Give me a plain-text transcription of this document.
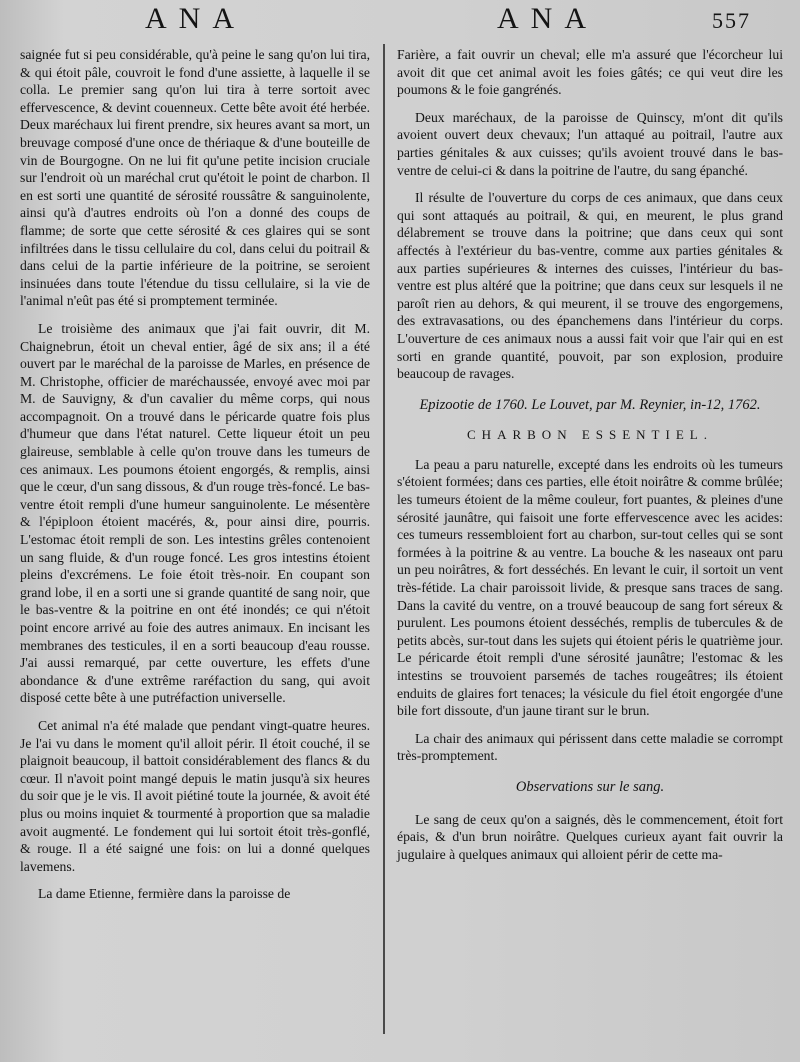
ANA	ANA	557

saignée fut si peu considérable, qu'à peine le sang qu'on lui tira, & qui étoit pâle, couvroit le fond d'une assiette, à laquelle il se colla. Le premier sang qu'on lui tira à terre sortoit avec effervescence, & devint couenneux. Cette bête avoit été herbée. Deux maréchaux lui firent prendre, six heures avant sa mort, un breuvage composé d'une once de thériaque & d'une bouteille de vin de Bourgogne. On ne lui fit qu'une petite incision cruciale sur l'endroit où un maréchal crut qu'étoit le point de charbon. Il en est sorti une quantité de sérosité roussâtre & sanguinolente, ainsi qu'à d'autres endroits où l'on a donné des coups de flamme; de sorte que cette sérosité & ces glaires qui se sont infiltrées dans le tissu cellulaire du col, dans celui du poitrail & dans celui de la partie inférieure de la poitrine, se seroient insinuées dans toute l'étendue du tissu cellulaire, si la vie de l'animal n'eût pas été si promptement terminée.

Le troisième des animaux que j'ai fait ouvrir, dit M. Chaignebrun, étoit un cheval entier, âgé de six ans; il a été ouvert par le maréchal de la paroisse de Marles, en présence de M. Christophe, officier de maréchaussée, envoyé avec moi par M. de Sauvigny, & d'un cavalier du même corps, qui nous accompagnoit. On a trouvé dans le péricarde quatre fois plus d'humeur que dans l'état naturel. Cette liqueur étoit un peu glaireuse, semblable à celle qu'on trouve dans les tumeurs de ces animaux. Les poumons étoient engorgés, & remplis, ainsi que le cœur, d'un sang dissous, & d'un rouge très-foncé. Le bas-ventre étoit rempli d'une humeur sanguinolente. Le mésentère & l'épiploon étoient macérés, &, pour ainsi dire, pourris. L'estomac étoit rempli de son. Les intestins grêles contenoient un sang fluide, & d'un rouge foncé. Les gros intestins étoient pleins d'excrémens. Le foie étoit très-noir. En coupant son grand lobe, il en a sorti une si grande quantité de sang noir, que le bas-ventre & la poitrine en ont été inondés; ce qui n'étoit point encore arrivé au foie des autres animaux. En incisant les membranes des testicules, il en a sorti beaucoup d'eau rousse. J'ai aussi remarqué, par cette ouverture, les effets d'une abondance & d'une extrême raréfaction du sang, qui avoit disposé cette bête à une putréfaction universelle.

Cet animal n'a été malade que pendant vingt-quatre heures. Je l'ai vu dans le moment qu'il alloit périr. Il étoit couché, il se plaignoit beaucoup, il battoit considérablement des flancs & du cœur. Il n'avoit point mangé depuis le matin jusqu'à six heures du soir que je le vis. Il avoit piétiné toute la journée, & avoit été plus ou moins inquiet & tourmenté à proportion que sa maladie avoit augmenté. Le fondement qui lui sortoit étoit très-gonflé, & rouge. Il a été saigné une fois: on lui a donné quelques lavemens.

La dame Etienne, fermière dans la paroisse de

Farière, a fait ouvrir un cheval; elle m'a assuré que l'écorcheur lui avoit dit que cet animal avoit les foies gâtés; ce qui veut dire les poumons & le foie gangrénés.

Deux maréchaux, de la paroisse de Quinscy, m'ont dit qu'ils avoient ouvert deux chevaux; l'un attaqué au poitrail, l'autre aux parties génitales & aux cuisses; qu'ils avoient trouvé dans le bas-ventre de celui-ci & dans la poitrine de l'autre, du sang épanché.

Il résulte de l'ouverture du corps de ces animaux, que dans ceux qui sont attaqués au poitrail, & qui, en meurent, le plus grand délabrement se trouve dans la poitrine; que dans ceux qui sont affectés à l'extérieur du bas-ventre, comme aux parties génitales & aux parties supérieures & internes des cuisses, l'intérieur du bas-ventre est plus altéré que la poitrine; que dans ceux sur lesquels il ne paroît rien au dehors, & qui meurent, il se trouve des engorgemens, des extravasations, ou des épanchemens dans l'intérieur du corps. L'ouverture de ces animaux nous a aussi fait voir que l'air qui en est sorti en grande quantité, pouvoit, par son explosion, produire beaucoup de ravages.

Epizootie de 1760. Le Louvet, par M. Reynier, in-12, 1762.

CHARBON ESSENTIEL.

La peau a paru naturelle, excepté dans les endroits où les tumeurs s'étoient formées; dans ces parties, elle étoit noirâtre & comme brûlée; les tumeurs étoient de la même couleur, fort puantes, & pleines d'une sérosité jaunâtre, qui faisoit une forte effervescence avec les acides: ces tumeurs ressembloient fort au charbon, sur-tout celles qui se sont formées à la poitrine & au ventre. La bouche & les naseaux ont paru un peu noirâtres, & fort desséchés. En levant le cuir, il sortoit un vent très-fétide. La chair paroissoit livide, & presque sans traces de sang. Dans la cavité du ventre, on a trouvé beaucoup de sang fort séreux & purulent. Les poumons étoient desséchés, remplis de tubercules & de petits abcès, sur-tout dans les sujets qui étoient péris le quatrième jour. Le péricarde étoit rempli d'une sérosité jaunâtre; l'estomac & les intestins se trouvoient parsemés de taches rougeâtres; ils étoient enduits de glaires fort tenaces; la vésicule du fiel étoit engorgée d'une bile fort dissoute, d'un jaune tirant sur le brun.

La chair des animaux qui périssent dans cette maladie se corrompt très-promptement.

Observations sur le sang.

Le sang de ceux qu'on a saignés, dès le commencement, étoit fort épais, & d'un brun noirâtre. Quelques curieux ayant fait ouvrir la jugulaire à quelques animaux qui alloient périr de cette ma-
